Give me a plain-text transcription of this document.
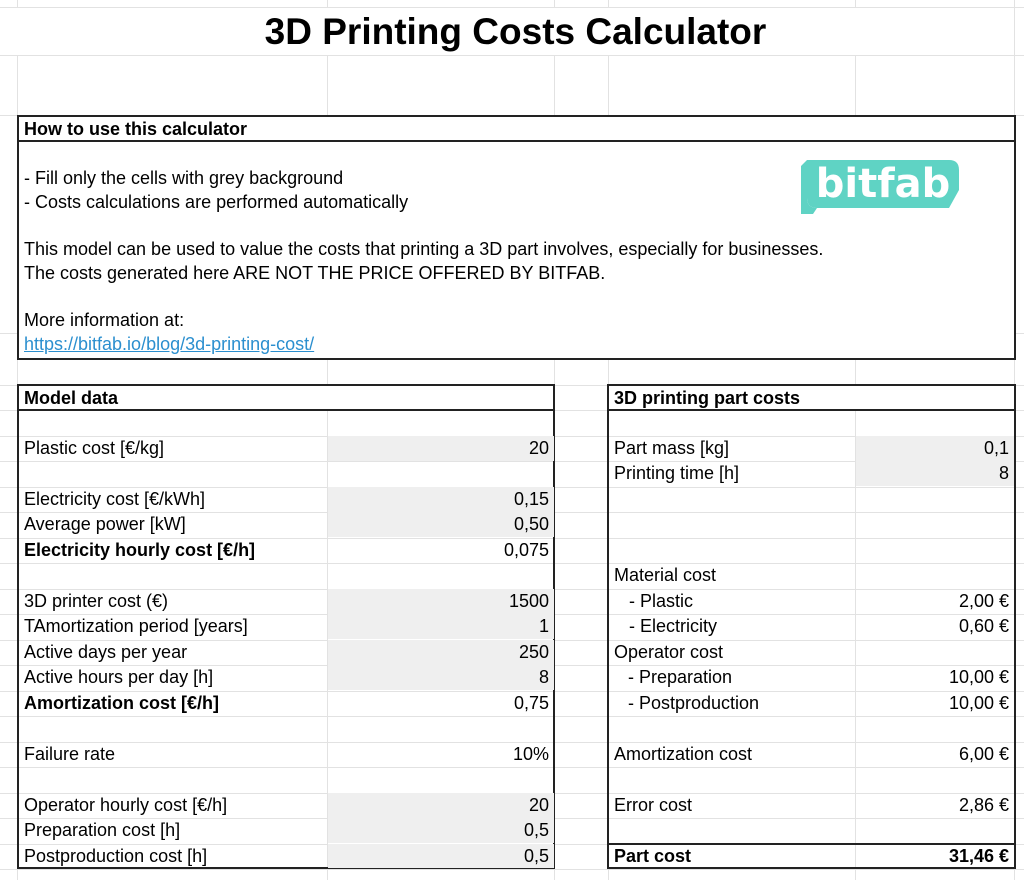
3D Printing Costs Calculator
How to use this calculator

- Fill only the cells with grey background

- Costs calculations are performed automatically

This model can be used to value the costs that printing a 3D part involves, especially for businesses.

The costs generated here ARE NOT THE PRICE OFFERED BY BITFAB.

More information at:

https://bitfab.io/blog/3d-printing-cost/

bitfab
Model data
Plastic cost [€/kg]	20
Electricity cost [€/kWh]	0,15
Average power [kW]	0,50
Electricity hourly cost [€/h]	0,075
3D printer cost (€)	1500
TAmortization period [years]	1
Active days per year	250
Active hours per day [h]	8
Amortization cost [€/h]	0,75
Failure rate	10%
Operator hourly cost [€/h]	20
Preparation cost [h]	0,5
Postproduction cost [h]	0,5
3D printing part costs
Part mass [kg]	0,1
Printing time [h]	8
Material cost
- Plastic	2,00 €
- Electricity	0,60 €
Operator cost
- Preparation	10,00 €
- Postproduction	10,00 €
Amortization cost	6,00 €
Error cost	2,86 €
Part cost	31,46 €
